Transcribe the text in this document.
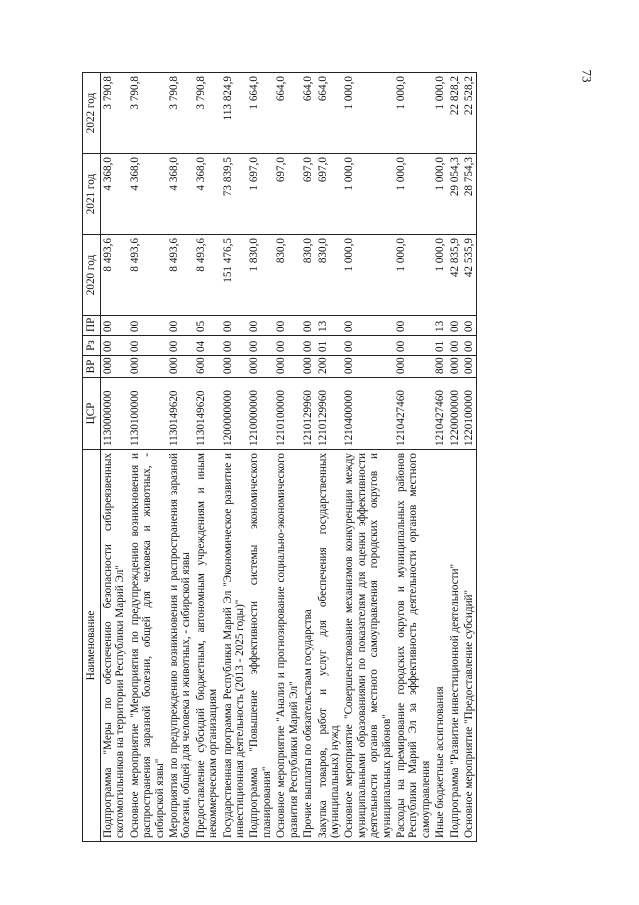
73
Наименование	ЦСР	ВР	Рз	ПР	2020 год	2021 год	2022 год
Подпрограмма "Меры по обеспечению безопасности сибиреязвенных скотомогильников на территории Республики Марий Эл"	1130000000	000	00	00	8 493,6	4 368,0	3 790,8
Основное мероприятие "Мероприятия по предупреждению возникновения и распространения заразной болезни, общей для человека и животных, - сибирской язвы"	1130100000	000	00	00	8 493,6	4 368,0	3 790,8
Мероприятия по предупреждению возникновения и распространения заразной болезни, общей для человека и животных, - сибирской язвы	1130149620	000	00	00	8 493,6	4 368,0	3 790,8
Предоставление субсидий бюджетным, автономным учреждениям и иным некоммерческим организациям	1130149620	600	04	05	8 493,6	4 368,0	3 790,8
Государственная программа Республики Марий Эл "Экономическое развитие и инвестиционная деятельность (2013 - 2025 годы)"	1200000000	000	00	00	151 476,5	73 839,5	113 824,9
Подпрограмма "Повышение эффективности системы экономического планирования"	1210000000	000	00	00	1 830,0	1 697,0	1 664,0
Основное мероприятие "Анализ и прогнозирование социально-экономического развития Республики Марий Эл"	1210100000	000	00	00	830,0	697,0	664,0
Прочие выплаты по обязательствам государства	1210129960	000	00	00	830,0	697,0	664,0
Закупка товаров, работ и услуг для обеспечения государственных (муниципальных) нужд	1210129960	200	01	13	830,0	697,0	664,0
Основное мероприятие "Совершенствование механизмов конкуренции между муниципальными образованиями по показателям для оценки эффективности деятельности органов местного самоуправления городских округов и муниципальных районов"	1210400000	000	00	00	1 000,0	1 000,0	1 000,0
Расходы на премирование городских округов и муниципальных районов Республики Марий Эл за эффективность деятельности органов местного самоуправления	1210427460	000	00	00	1 000,0	1 000,0	1 000,0
Иные бюджетные ассигнования	1210427460	800	01	13	1 000,0	1 000,0	1 000,0
Подпрограмма "Развитие инвестиционной деятельности"	1220000000	000	00	00	42 835,9	29 054,3	22 828,2
Основное мероприятие "Предоставление субсидий"	1220100000	000	00	00	42 535,9	28 754,3	22 528,2
